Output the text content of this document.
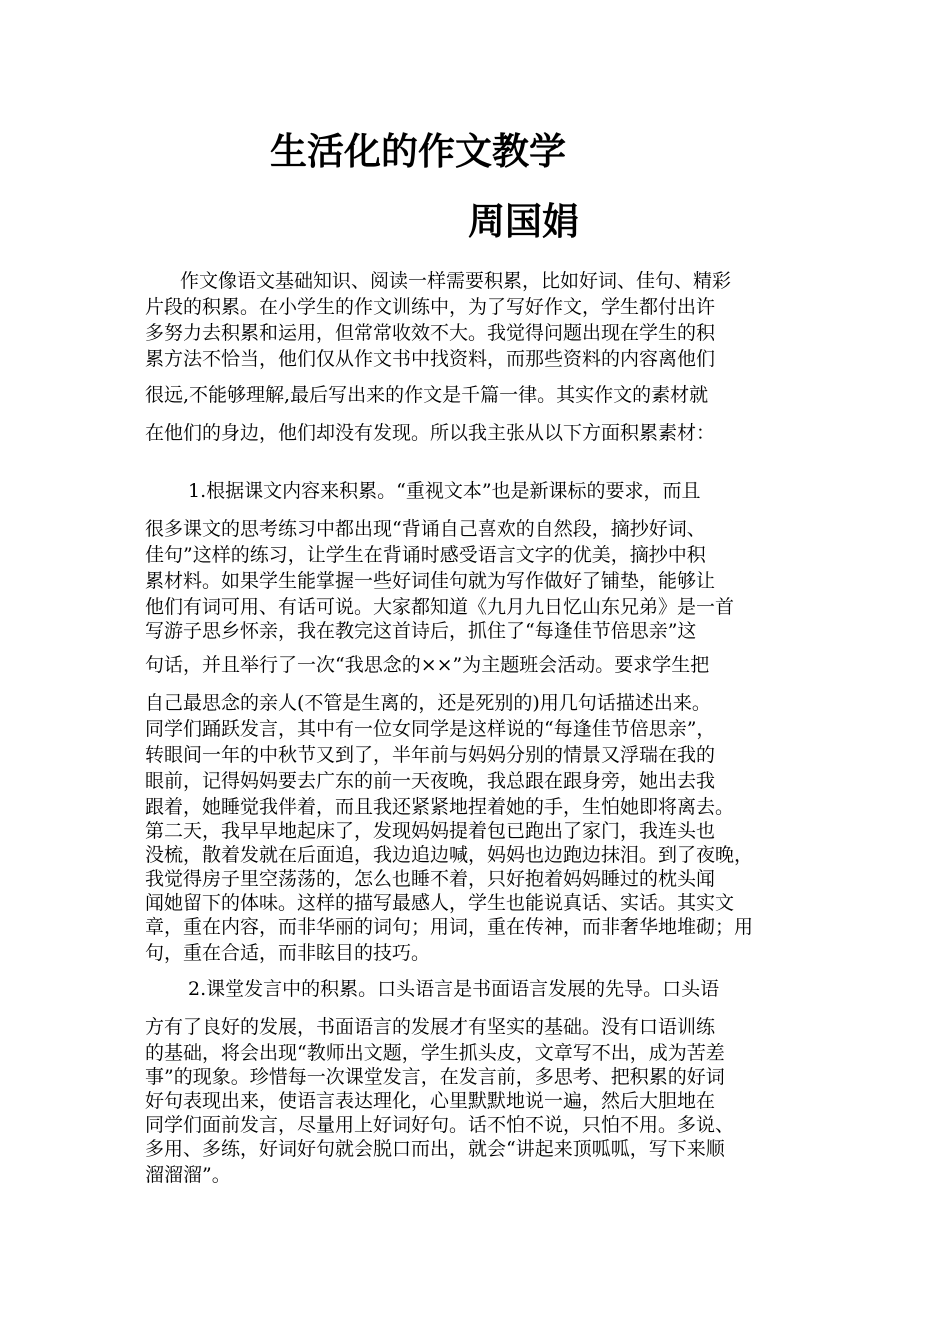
生活化的作文教学
周国娟

作文像语文基础知识、阅读一样需要积累，比如好词、佳句、精彩

片段的积累。在小学生的作文训练中，为了写好作文，学生都付出许

多努力去积累和运用，但常常收效不大。我觉得问题出现在学生的积

累方法不恰当，他们仅从作文书中找资料，而那些资料的内容离他们

很远,不能够理解,最后写出来的作文是千篇一律。其实作文的素材就

在他们的身边，他们却没有发现。所以我主张从以下方面积累素材：

1.根据课文内容来积累。“重视文本”也是新课标的要求，而且

很多课文的思考练习中都出现“背诵自己喜欢的自然段，摘抄好词、

佳句”这样的练习，让学生在背诵时感受语言文字的优美，摘抄中积

累材料。如果学生能掌握一些好词佳句就为写作做好了铺垫，能够让

他们有词可用、有话可说。大家都知道《九月九日忆山东兄弟》是一首

写游子思乡怀亲，我在教完这首诗后，抓住了“每逢佳节倍思亲”这

句话，并且举行了一次“我思念的××”为主题班会活动。要求学生把

自己最思念的亲人(不管是生离的，还是死别的)用几句话描述出来。

同学们踊跃发言，其中有一位女同学是这样说的“每逢佳节倍思亲”，

转眼间一年的中秋节又到了，半年前与妈妈分别的情景又浮瑞在我的

眼前，记得妈妈要去广东的前一天夜晚，我总跟在跟身旁，她出去我

跟着，她睡觉我伴着，而且我还紧紧地捏着她的手，生怕她即将离去。

第二天，我早早地起床了，发现妈妈提着包已跑出了家门，我连头也

没梳，散着发就在后面追，我边追边喊，妈妈也边跑边抹泪。到了夜晚，

我觉得房子里空荡荡的，怎么也睡不着，只好抱着妈妈睡过的枕头闻

闻她留下的体味。这样的描写最感人，学生也能说真话、实话。其实文

章，重在内容，而非华丽的词句；用词，重在传神，而非奢华地堆砌；用

句，重在合适，而非眩目的技巧。

2.课堂发言中的积累。口头语言是书面语言发展的先导。口头语

方有了良好的发展，书面语言的发展才有坚实的基础。没有口语训练

的基础，将会出现“教师出文题，学生抓头皮，文章写不出，成为苦差

事”的现象。珍惜每一次课堂发言，在发言前，多思考、把积累的好词

好句表现出来，使语言表达理化，心里默默地说一遍，然后大胆地在

同学们面前发言，尽量用上好词好句。话不怕不说，只怕不用。多说、

多用、多练，好词好句就会脱口而出，就会“讲起来顶呱呱，写下来顺

溜溜溜”。
